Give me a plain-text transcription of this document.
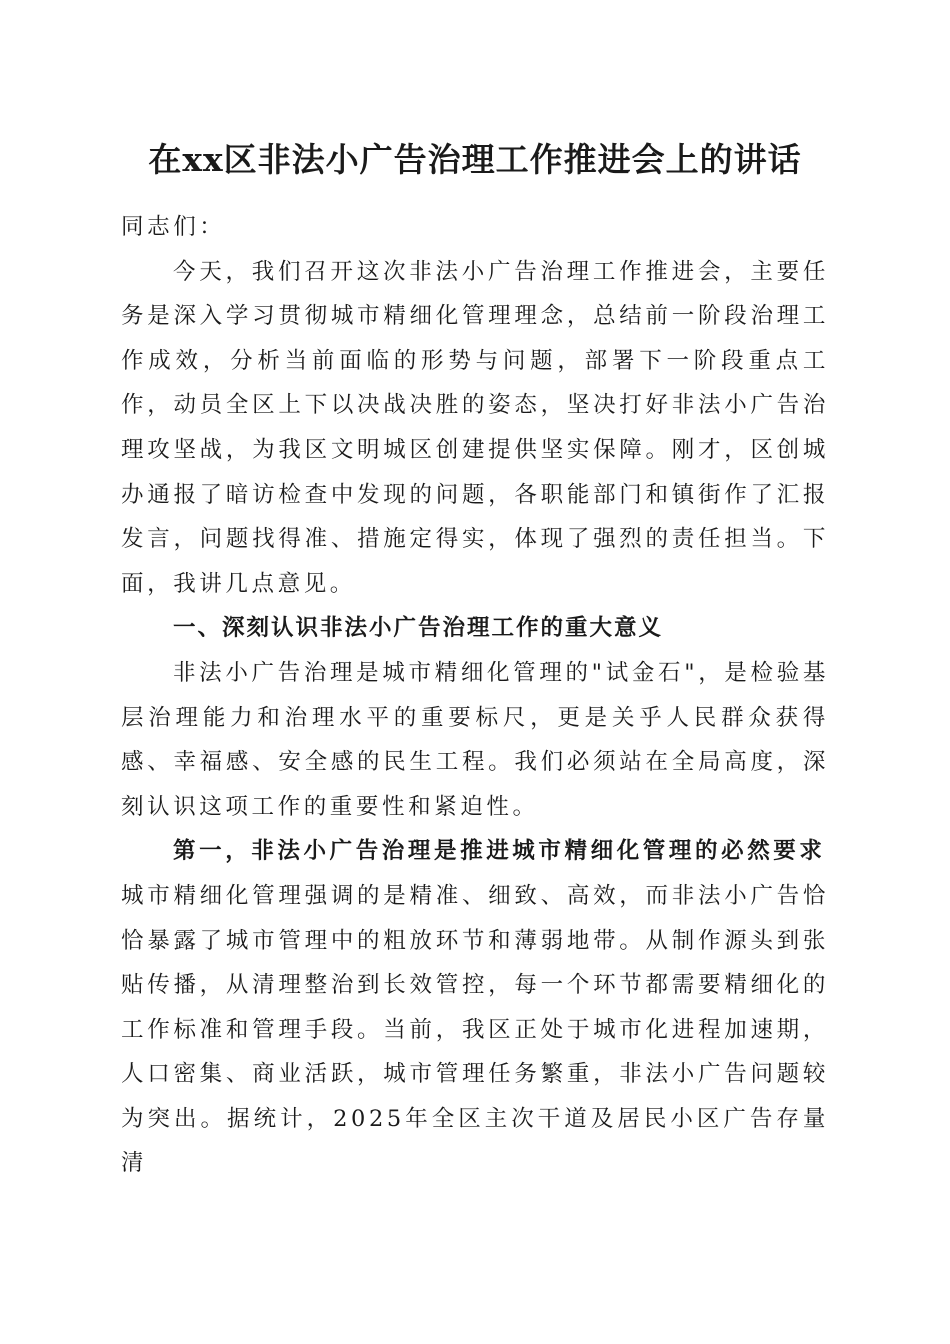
在xx区非法小广告治理工作推进会上的讲话

同志们：

今天，我们召开这次非法小广告治理工作推进会，主要任务是深入学习贯彻城市精细化管理理念，总结前一阶段治理工作成效，分析当前面临的形势与问题，部署下一阶段重点工作，动员全区上下以决战决胜的姿态，坚决打好非法小广告治理攻坚战，为我区文明城区创建提供坚实保障。刚才，区创城办通报了暗访检查中发现的问题，各职能部门和镇街作了汇报发言，问题找得准、措施定得实，体现了强烈的责任担当。下面，我讲几点意见。

一、深刻认识非法小广告治理工作的重大意义

非法小广告治理是城市精细化管理的"试金石"，是检验基层治理能力和治理水平的重要标尺，更是关乎人民群众获得感、幸福感、安全感的民生工程。我们必须站在全局高度，深刻认识这项工作的重要性和紧迫性。

第一，非法小广告治理是推进城市精细化管理的必然要求

城市精细化管理强调的是精准、细致、高效，而非法小广告恰恰暴露了城市管理中的粗放环节和薄弱地带。从制作源头到张贴传播，从清理整治到长效管控，每一个环节都需要精细化的工作标准和管理手段。当前，我区正处于城市化进程加速期，人口密集、商业活跃，城市管理任务繁重，非法小广告问题较为突出。据统计，2025年全区主次干道及居民小区广告存量清
